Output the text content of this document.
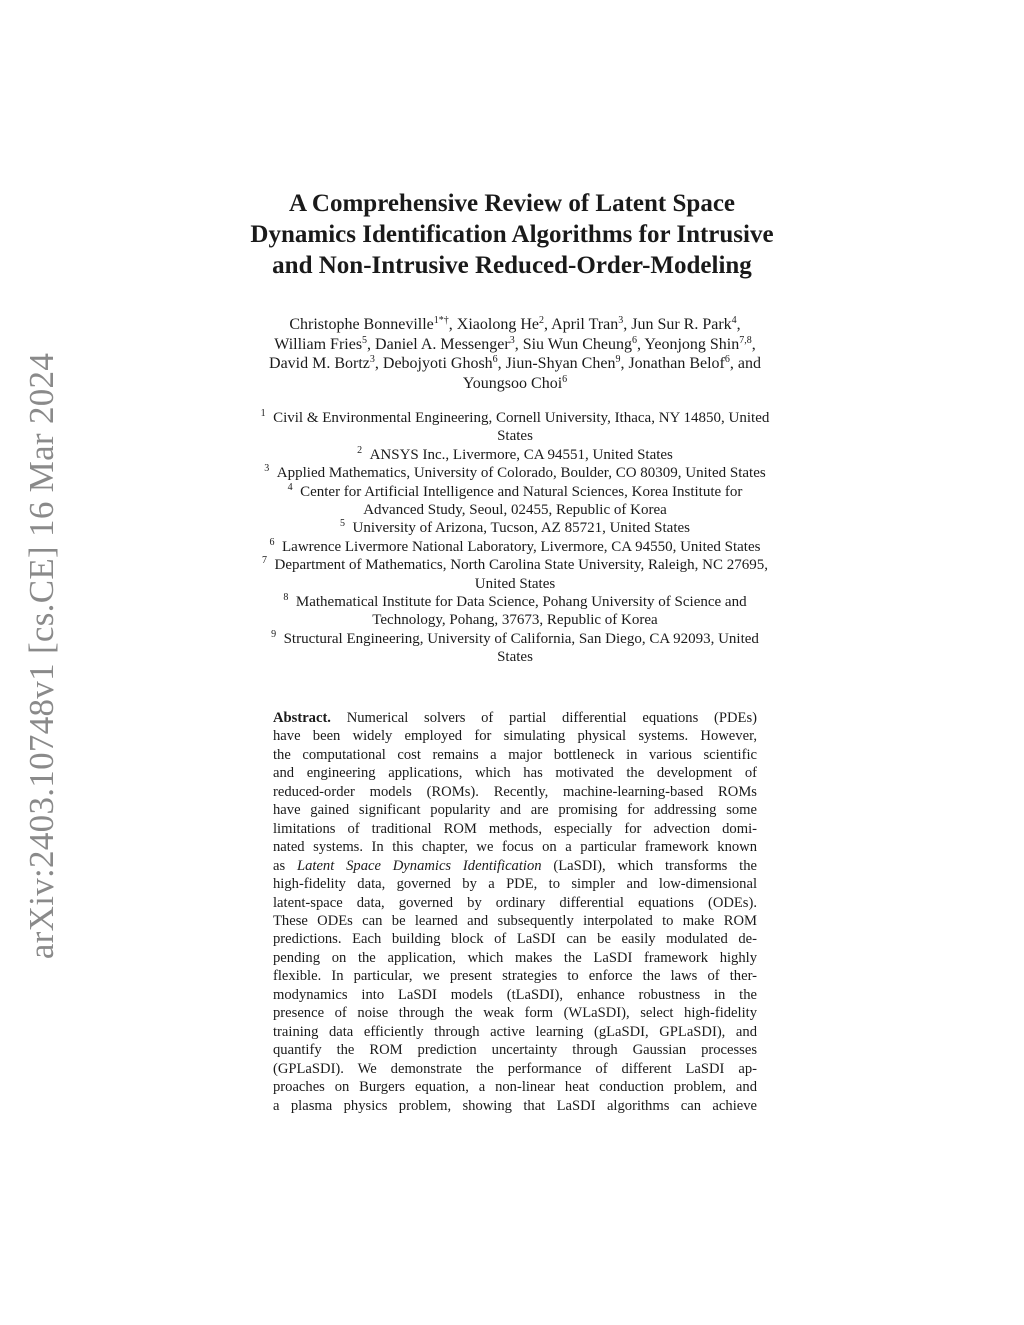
arXiv:2403.10748v1 [cs.CE] 16 Mar 2024
A Comprehensive Review of Latent Space
Dynamics Identification Algorithms for Intrusive
and Non-Intrusive Reduced-Order-Modeling
Christophe Bonneville$^{1*\dagger}$, Xiaolong He$^2$, April Tran$^3$, Jun Sur R. Park$^4$,
William Fries$^5$, Daniel A. Messenger$^3$, Siu Wun Cheung$^6$, Yeonjong Shin$^{7,8}$,
David M. Bortz$^3$, Debojyoti Ghosh$^6$, Jiun-Shyan Chen$^9$, Jonathan Belof$^6$, and
Youngsoo Choi$^6$
$^1$  Civil & Environmental Engineering, Cornell University, Ithaca, NY 14850, United
States
$^2$  ANSYS Inc., Livermore, CA 94551, United States
$^3$  Applied Mathematics, University of Colorado, Boulder, CO 80309, United States
$^4$  Center for Artificial Intelligence and Natural Sciences, Korea Institute for
Advanced Study, Seoul, 02455, Republic of Korea
$^5$  University of Arizona, Tucson, AZ 85721, United States
$^6$  Lawrence Livermore National Laboratory, Livermore, CA 94550, United States
$^7$  Department of Mathematics, North Carolina State University, Raleigh, NC 27695,
United States
$^8$  Mathematical Institute for Data Science, Pohang University of Science and
Technology, Pohang, 37673, Republic of Korea
$^9$  Structural Engineering, University of California, San Diego, CA 92093, United
States
Abstract. Numerical solvers of partial differential equations (PDEs)
have been widely employed for simulating physical systems. However,
the computational cost remains a major bottleneck in various scientific
and engineering applications, which has motivated the development of
reduced-order models (ROMs). Recently, machine-learning-based ROMs
have gained significant popularity and are promising for addressing some
limitations of traditional ROM methods, especially for advection domi-
nated systems. In this chapter, we focus on a particular framework known
as Latent Space Dynamics Identification (LaSDI), which transforms the
high-fidelity data, governed by a PDE, to simpler and low-dimensional
latent-space data, governed by ordinary differential equations (ODEs).
These ODEs can be learned and subsequently interpolated to make ROM
predictions. Each building block of LaSDI can be easily modulated de-
pending on the application, which makes the LaSDI framework highly
flexible. In particular, we present strategies to enforce the laws of ther-
modynamics into LaSDI models (tLaSDI), enhance robustness in the
presence of noise through the weak form (WLaSDI), select high-fidelity
training data efficiently through active learning (gLaSDI, GPLaSDI), and
quantify the ROM prediction uncertainty through Gaussian processes
(GPLaSDI). We demonstrate the performance of different LaSDI ap-
proaches on Burgers equation, a non-linear heat conduction problem, and
a plasma physics problem, showing that LaSDI algorithms can achieve
